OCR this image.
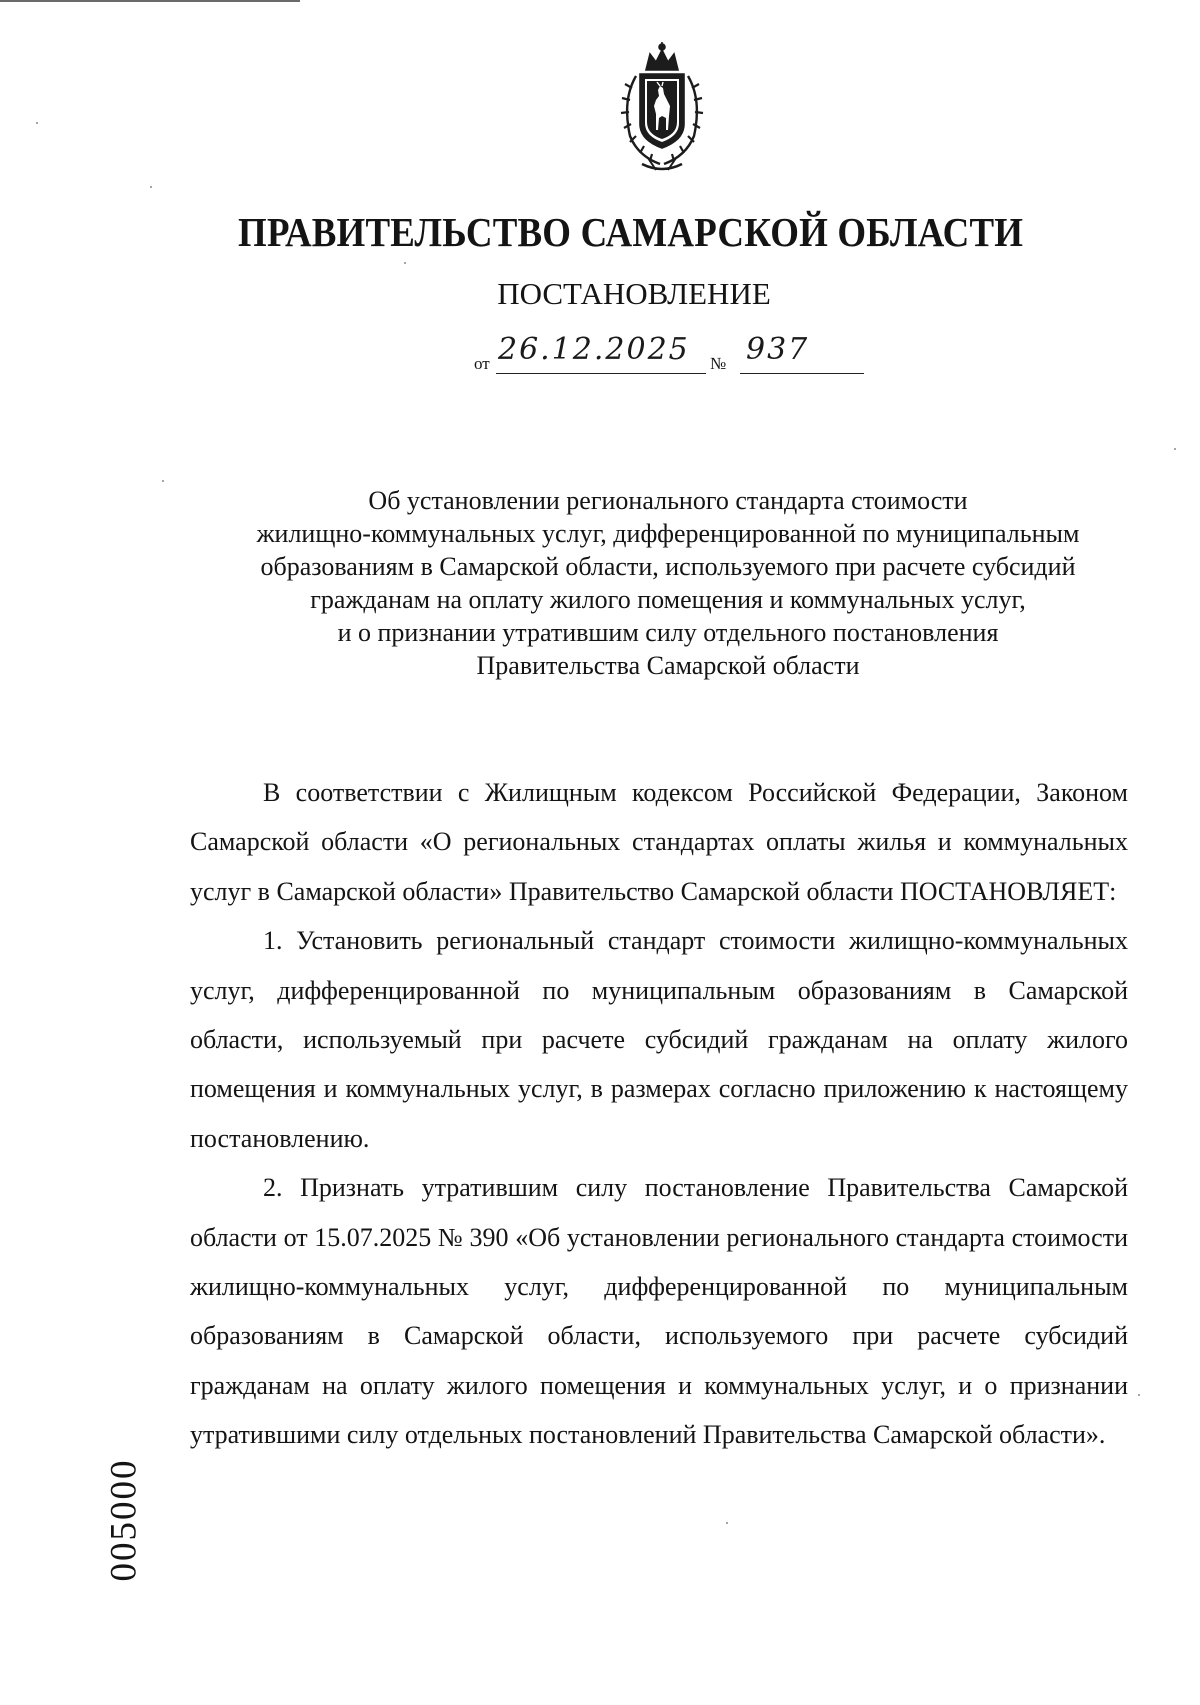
ПРАВИТЕЛЬСТВО САМАРСКОЙ ОБЛАСТИ
ПОСТАНОВЛЕНИЕ
от 26.12.2025 № 937
Об установлении регионального стандарта стоимости
жилищно-коммунальных услуг, дифференцированной по муниципальным
образованиям в Самарской области, используемого при расчете субсидий
гражданам на оплату жилого помещения и коммунальных услуг,
и о признании утратившим силу отдельного постановления
Правительства Самарской области

В соответствии с Жилищным кодексом Российской Федерации, Законом Самарской области «О региональных стандартах оплаты жилья и коммунальных услуг в Самарской области» Правительство Самарской области ПОСТАНОВЛЯЕТ:

1. Установить региональный стандарт стоимости жилищно-коммунальных услуг, дифференцированной по муниципальным образованиям в Самарской области, используемый при расчете субсидий гражданам на оплату жилого помещения и коммунальных услуг, в размерах согласно приложению к настоящему постановлению.

2. Признать утратившим силу постановление Правительства Самарской области от 15.07.2025 № 390 «Об установлении регионального стандарта стоимости жилищно-коммунальных услуг, дифференцированной по муниципальным образованиям в Самарской области, используемого при расчете субсидий гражданам на оплату жилого помещения и коммунальных услуг, и о признании утратившими силу отдельных постановлений Правительства Самарской области».

005000
